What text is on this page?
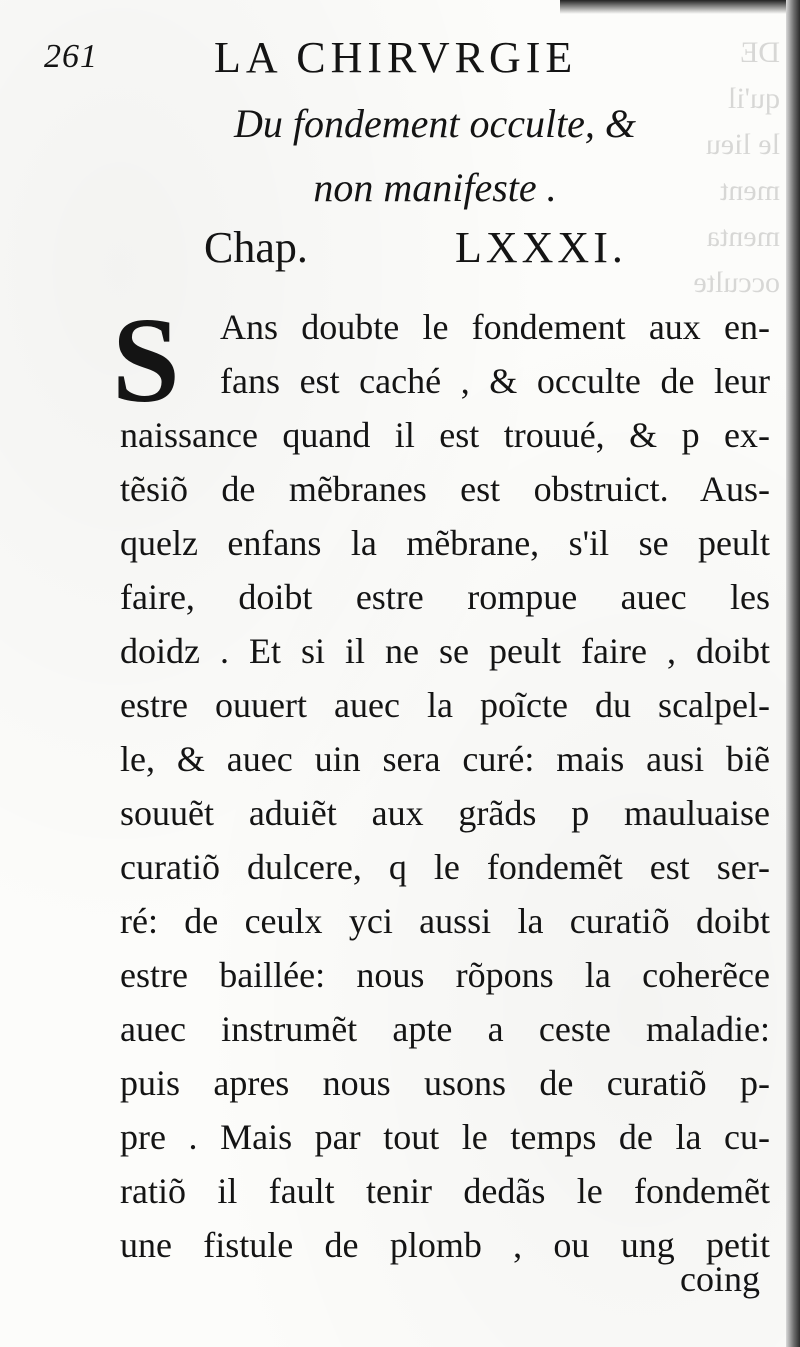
DE
qu'il
le lieu
ment
menta
occulte
261	LA CHIRVRGIE
Du fondement occulte, &
non manifeste .
Chap.	LXXXI.
S	Ans doubte le fondement aux en-
fans est caché , & occulte de leur
naissance quand il est trouué, & p ex-
tẽsiõ de mẽbranes est obstruict. Aus-
quelz enfans la mẽbrane, s'il se peult
faire, doibt estre rompue auec les
doidz . Et si il ne se peult faire , doibt
estre ouuert auec la poĩcte du scalpel-
le, & auec uin sera curé: mais ausi biẽ
souuẽt aduiẽt aux grãds p mauluaise
curatiõ dulcere, q le fondemẽt est ser-
ré: de ceulx yci aussi la curatiõ doibt
estre baillée: nous rõpons la coherẽce
auec instrumẽt apte a ceste maladie:
puis apres nous usons de curatiõ p-
pre . Mais par tout le temps de la cu-
ratiõ il fault tenir dedãs le fondemẽt
une fistule de plomb , ou ung petit
coing
